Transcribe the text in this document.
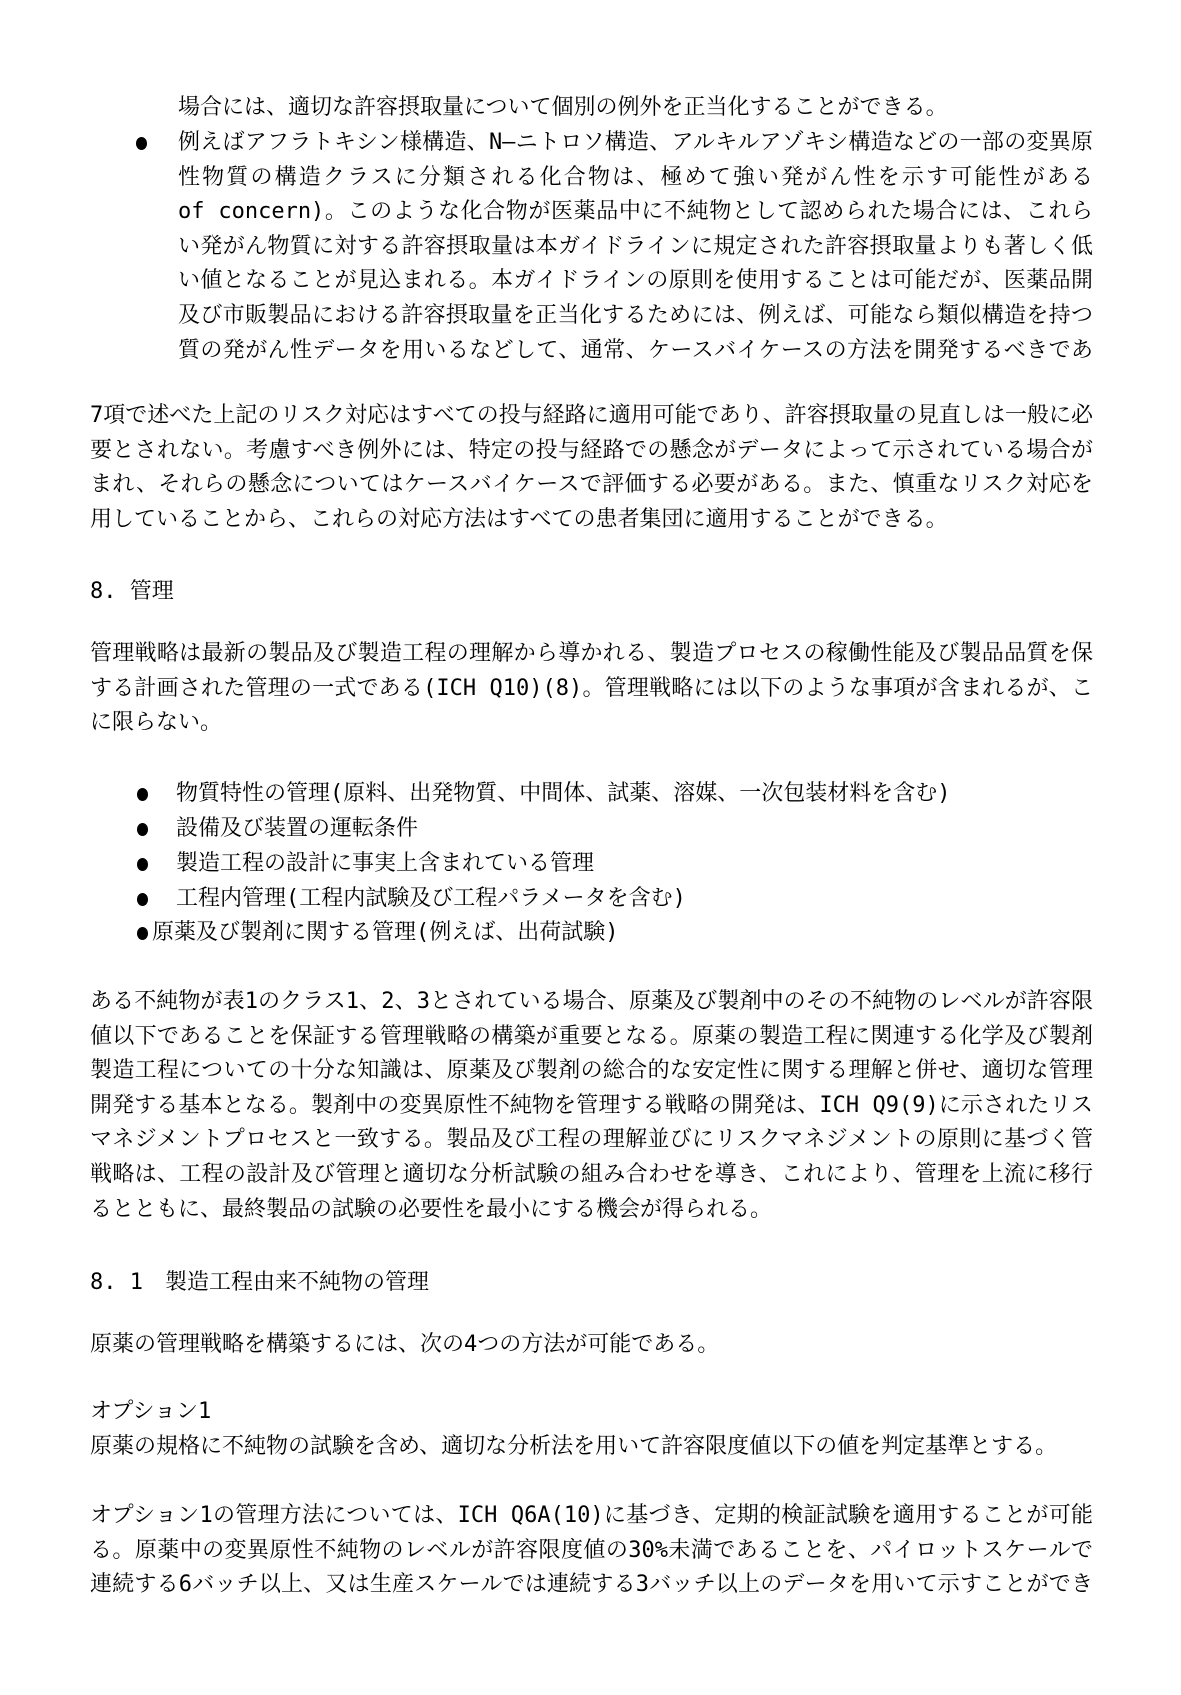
場合には、適切な許容摂取量について個別の例外を正当化することができる。
例えばアフラトキシン様構造、N—ニトロソ構造、アルキルアゾキシ構造などの一部の変異原
性物質の構造クラスに分類される化合物は、極めて強い発がん性を示す可能性がある
of concern)。このような化合物が医薬品中に不純物として認められた場合には、これら
い発がん物質に対する許容摂取量は本ガイドラインに規定された許容摂取量よりも著しく低
い値となることが見込まれる。本ガイドラインの原則を使用することは可能だが、医薬品開
及び市販製品における許容摂取量を正当化するためには、例えば、可能なら類似構造を持つ
質の発がん性データを用いるなどして、通常、ケースバイケースの方法を開発するべきであ
7項で述べた上記のリスク対応はすべての投与経路に適用可能であり、許容摂取量の見直しは一般に必
要とされない。考慮すべき例外には、特定の投与経路での懸念がデータによって示されている場合が
まれ、それらの懸念についてはケースバイケースで評価する必要がある。また、慎重なリスク対応を
用していることから、これらの対応方法はすべての患者集団に適用することができる。
8. 管理
管理戦略は最新の製品及び製造工程の理解から導かれる、製造プロセスの稼働性能及び製品品質を保
する計画された管理の一式である(ICH Q10)(8)。管理戦略には以下のような事項が含まれるが、こ
に限らない。
物質特性の管理(原料、出発物質、中間体、試薬、溶媒、一次包装材料を含む)
設備及び装置の運転条件
製造工程の設計に事実上含まれている管理
工程内管理(工程内試験及び工程パラメータを含む)
原薬及び製剤に関する管理(例えば、出荷試験)
ある不純物が表1のクラス1、2、3とされている場合、原薬及び製剤中のその不純物のレベルが許容限
値以下であることを保証する管理戦略の構築が重要となる。原薬の製造工程に関連する化学及び製剤
製造工程についての十分な知識は、原薬及び製剤の総合的な安定性に関する理解と併せ、適切な管理
開発する基本となる。製剤中の変異原性不純物を管理する戦略の開発は、ICH Q9(9)に示されたリス
マネジメントプロセスと一致する。製品及び工程の理解並びにリスクマネジメントの原則に基づく管
戦略は、工程の設計及び管理と適切な分析試験の組み合わせを導き、これにより、管理を上流に移行
るとともに、最終製品の試験の必要性を最小にする機会が得られる。
8. 1　製造工程由来不純物の管理
原薬の管理戦略を構築するには、次の4つの方法が可能である。
オプション1
原薬の規格に不純物の試験を含め、適切な分析法を用いて許容限度値以下の値を判定基準とする。
オプション1の管理方法については、ICH Q6A(10)に基づき、定期的検証試験を適用することが可能
る。原薬中の変異原性不純物のレベルが許容限度値の30%未満であることを、パイロットスケールで
連続する6バッチ以上、又は生産スケールでは連続する3バッチ以上のデータを用いて示すことができ
